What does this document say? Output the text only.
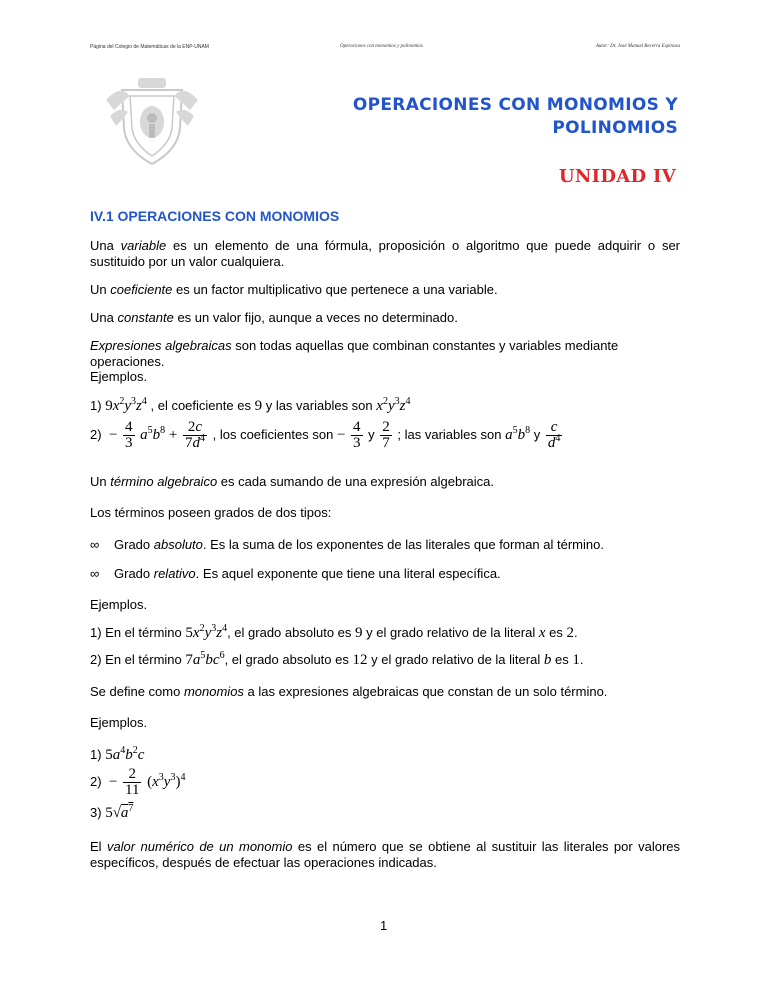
Página del Colegio de Matemáticas de la ENP-UNAM	Operaciones con monomios y polinomios	Autor: Dr. José Manuel Becerra Espinosa
OPERACIONES CON MONOMIOS Y
POLINOMIOS
UNIDAD IV
IV.1 OPERACIONES CON MONOMIOS
Una variable es un elemento de una fórmula, proposición o algoritmo que puede adquirir o ser sustituido por un valor cualquiera.
Un coeficiente es un factor multiplicativo que pertenece a una variable.
Una constante es un valor fijo, aunque a veces no determinado.
Expresiones algebraicas son todas aquellas que combinan constantes y variables mediante operaciones.
Ejemplos.
1) $9x^2y^3z^4$ , el coeficiente es 9 y las variables son $x^2y^3z^4$
$2) - \frac{4}{3} a^5b^8 + \frac{2c}{7d^4}$ , los coeficientes son − $\frac{4}{3}$ y $\frac{2}{7}$ ; las variables son $a^5b^8$ y $\frac{c}{d^4}$
Un término algebraico es cada sumando de una expresión algebraica.
Los términos poseen grados de dos tipos:
∞ Grado absoluto. Es la suma de los exponentes de las literales que forman al término.
∞ Grado relativo. Es aquel exponente que tiene una literal específica.
Ejemplos.
1) En el término $5x^2y^3z^4$, el grado absoluto es 9 y el grado relativo de la literal x es 2.
2) En el término $7a^5bc^6$, el grado absoluto es 12 y el grado relativo de la literal b es 1.
Se define como monomios a las expresiones algebraicas que constan de un solo término.
Ejemplos.
1) $5a^4b^2c$
$2) - \frac{2}{11} (x^3y^3)^4$
3) $5√a^7$
El valor numérico de un monomio es el número que se obtiene al sustituir las literales por valores específicos, después de efectuar las operaciones indicadas.
1
